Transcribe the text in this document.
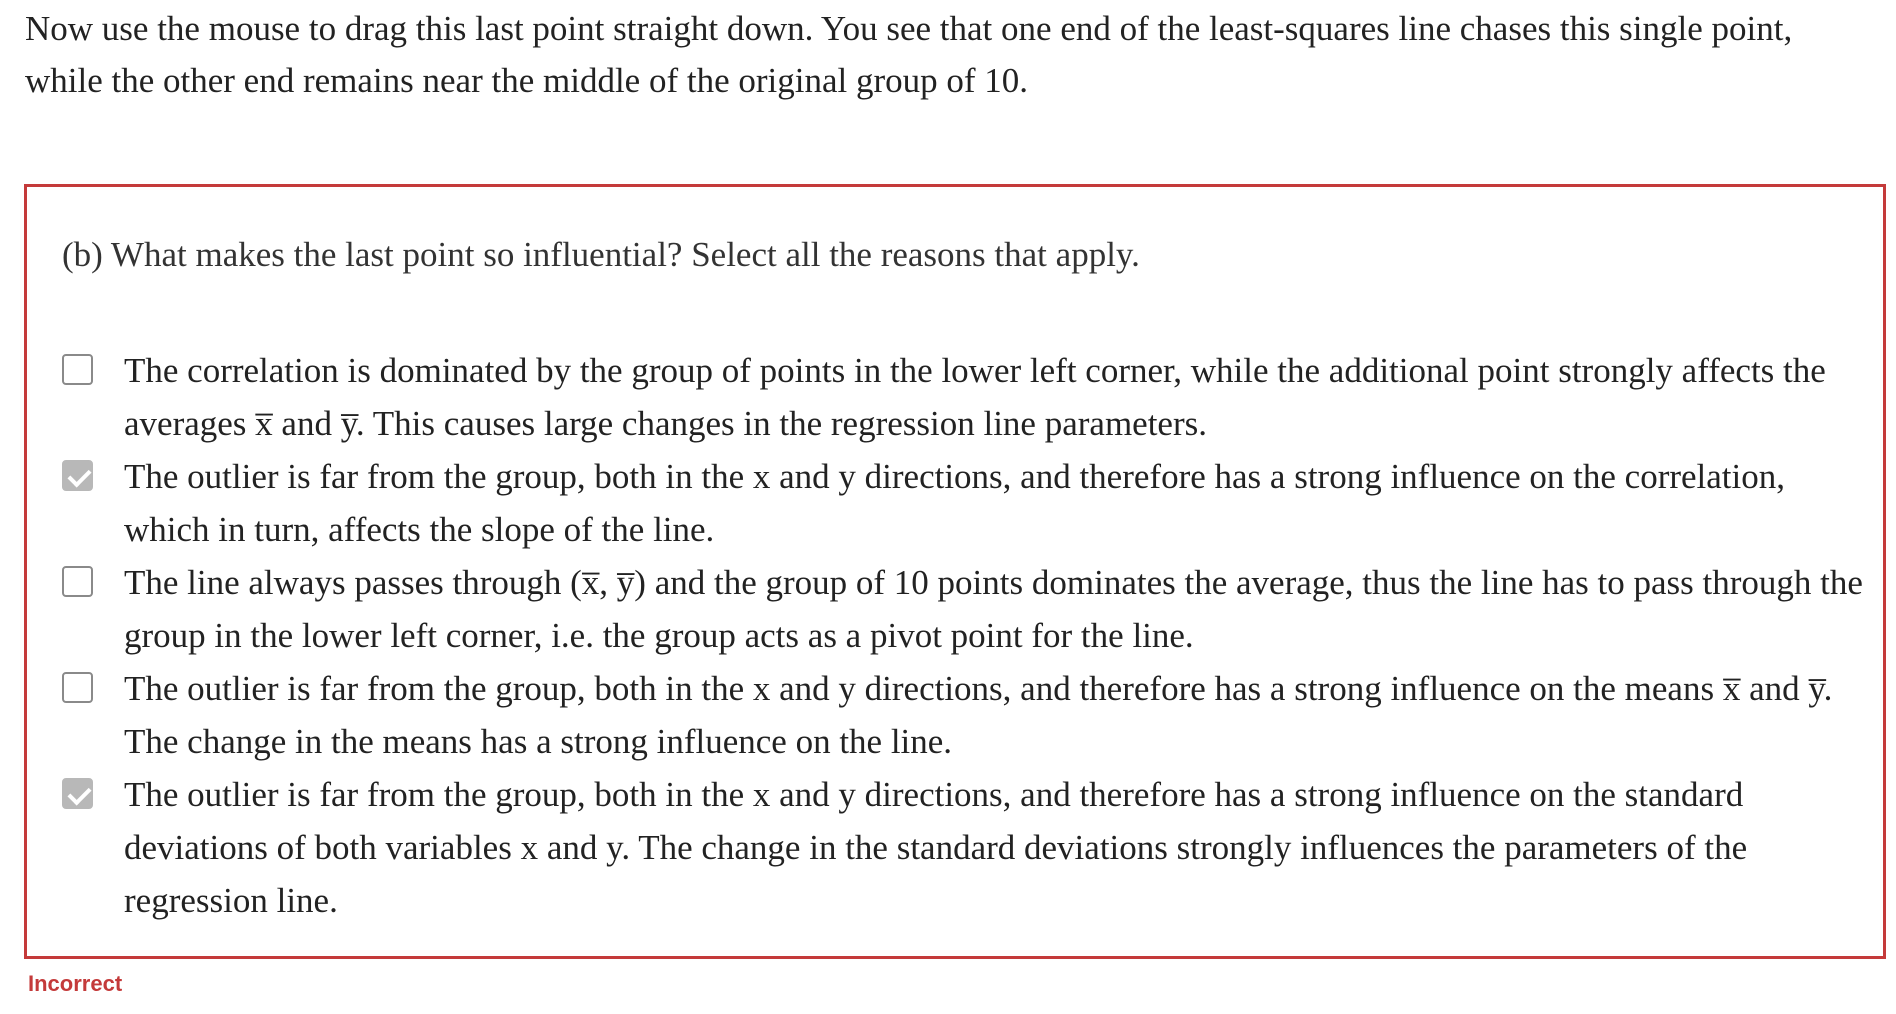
Now use the mouse to drag this last point straight down. You see that one end of the least-squares line chases this single point,

while the other end remains near the middle of the original group of 10.

(b) What makes the last point so influential? Select all the reasons that apply.
The correlation is dominated by the group of points in the lower left corner, while the additional point strongly affects the averages x̅ and y̅. This causes large changes in the regression line parameters.
The outlier is far from the group, both in the x and y directions, and therefore has a strong influence on the correlation, which in turn, affects the slope of the line.
The line always passes through (x̅, y̅) and the group of 10 points dominates the average, thus the line has to pass through the group in the lower left corner, i.e. the group acts as a pivot point for the line.
The outlier is far from the group, both in the x and y directions, and therefore has a strong influence on the means x̅ and y̅. The change in the means has a strong influence on the line.
The outlier is far from the group, both in the x and y directions, and therefore has a strong influence on the standard deviations of both variables x and y. The change in the standard deviations strongly influences the parameters of the regression line.
Incorrect
